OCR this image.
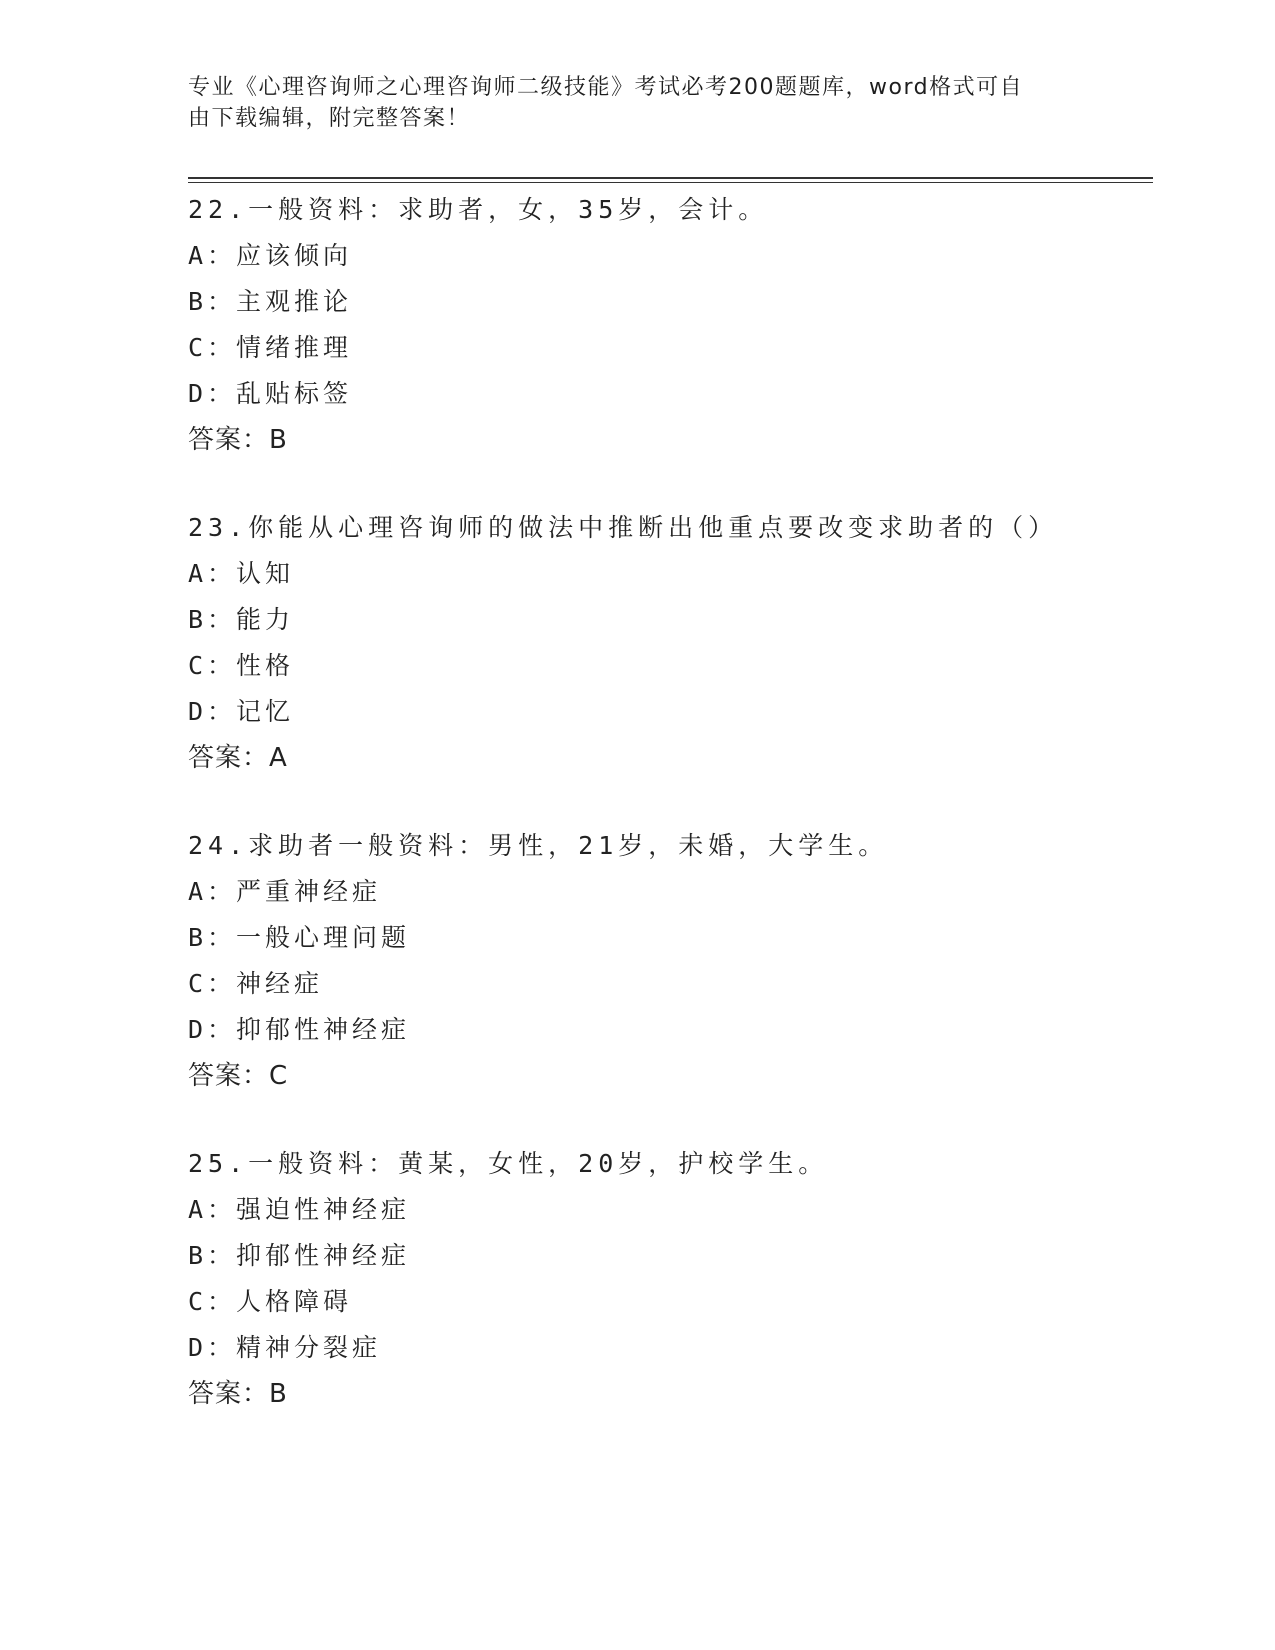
专业《心理咨询师之心理咨询师二级技能》考试必考200题题库，word格式可自
由下载编辑，附完整答案！
22.一般资料：求助者，女，35岁，会计。
A：应该倾向
B：主观推论
C：情绪推理
D：乱贴标签
答案：B
23.你能从心理咨询师的做法中推断出他重点要改变求助者的（）
A：认知
B：能力
C：性格
D：记忆
答案：A
24.求助者一般资料：男性，21岁，未婚，大学生。
A：严重神经症
B：一般心理问题
C：神经症
D：抑郁性神经症
答案：C
25.一般资料：黄某，女性，20岁，护校学生。
A：强迫性神经症
B：抑郁性神经症
C：人格障碍
D：精神分裂症
答案：B
